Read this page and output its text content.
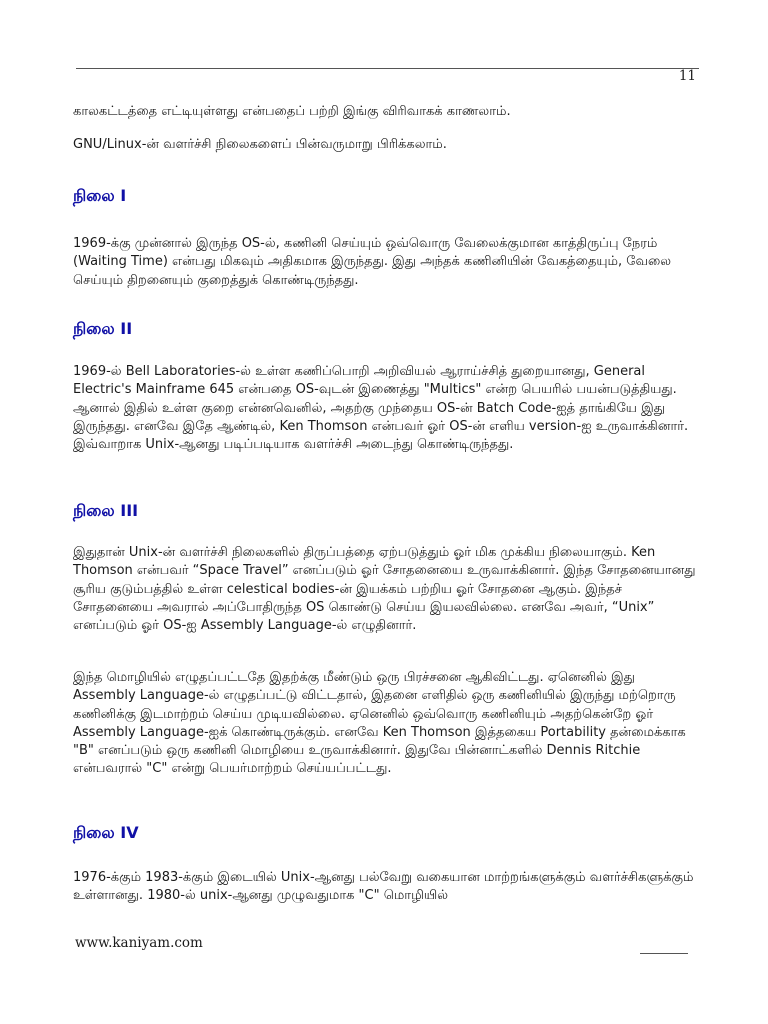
11

காலகட்டத்தை எட்டியுள்ளது என்பதைப் பற்றி இங்கு விரிவாகக் காணலாம்.

GNU/Linux-ன் வளர்ச்சி நிலைகளைப் பின்வருமாறு பிரிக்கலாம்.

நிலை I

1969-க்கு முன்னால் இருந்த OS-ல், கணினி செய்யும் ஒவ்வொரு வேலைக்குமான காத்திருப்பு நேரம் (Waiting Time) என்பது மிகவும் அதிகமாக இருந்தது. இது அந்தக் கணினியின் வேகத்தையும், வேலை செய்யும் திறனையும் குறைத்துக் கொண்டிருந்தது.

நிலை II

1969-ல் Bell Laboratories-ல் உள்ள கணிப்பொறி அறிவியல் ஆராய்ச்சித் துறையானது, General Electric's Mainframe 645 என்பதை OS-வுடன் இணைத்து "Multics" என்ற பெயரில் பயன்படுத்தியது. ஆனால் இதில் உள்ள குறை என்னவெனில், அதற்கு முந்தைய OS-ன் Batch Code-ஐத் தாங்கியே இது இருந்தது. எனவே இதே ஆண்டில், Ken Thomson என்பவர் ஓர் OS-ன் எளிய version-ஐ உருவாக்கினார். இவ்வாறாக Unix-ஆனது படிப்படியாக வளர்ச்சி அடைந்து கொண்டிருந்தது.

நிலை III

இதுதான் Unix-ன் வளர்ச்சி நிலைகளில் திருப்பத்தை ஏற்படுத்தும் ஓர் மிக முக்கிய நிலையாகும். Ken Thomson என்பவர் “Space Travel” எனப்படும் ஓர் சோதனையை உருவாக்கினார். இந்த சோதனையானது சூரிய குடும்பத்தில் உள்ள celestical bodies-ன் இயக்கம் பற்றிய ஓர் சோதனை ஆகும். இந்தச் சோதனையை அவரால் அப்போதிருந்த OS கொண்டு செய்ய இயலவில்லை. எனவே அவர், “Unix” எனப்படும் ஓர் OS-ஐ Assembly Language-ல் எழுதினார்.

இந்த மொழியில் எழுதப்பட்டதே இதற்க்கு மீண்டும் ஒரு பிரச்சனை ஆகிவிட்டது. ஏனெனில் இது Assembly Language-ல் எழுதப்பட்டு விட்டதால், இதனை எளிதில் ஒரு கணினியில் இருந்து மற்றொரு கணினிக்கு இடமாற்றம் செய்ய முடியவில்லை. ஏனெனில் ஒவ்வொரு கணினியும் அதற்கென்றே ஓர் Assembly Language-ஐக் கொண்டிருக்கும். எனவே Ken Thomson இத்தகைய Portability தன்மைக்காக "B" எனப்படும் ஒரு கணினி மொழியை உருவாக்கினார். இதுவே பின்னாட்களில் Dennis Ritchie என்பவரால் "C" என்று பெயர்மாற்றம் செய்யப்பட்டது.

நிலை IV

1976-க்கும் 1983-க்கும் இடையில் Unix-ஆனது பல்வேறு வகையான மாற்றங்களுக்கும் வளர்ச்சிகளுக்கும் உள்ளானது. 1980-ல் unix-ஆனது முழுவதுமாக "C" மொழியில்

www.kaniyam.com
